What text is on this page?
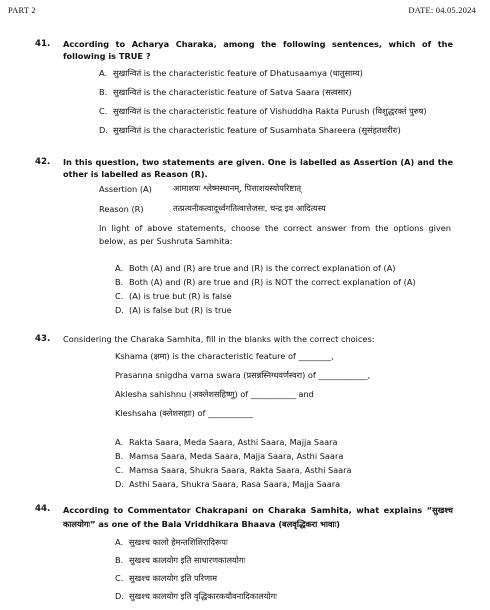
PART 2	DATE: 04.05.2024
41. According to Acharya Charaka, among the following sentences, which of the following is TRUE ?
A. सुखान्वितं is the characteristic feature of Dhatusaamya (धातुसाम्य)
B. सुखान्वितं is the characteristic feature of Satva Saara (सत्वसार)
C. सुखान्वितं is the characteristic feature of Vishuddha Rakta Purush (विशुद्धरक्तं पुरुष)
D. सुखान्वितं is the characteristic feature of Susamhata Shareera (सुसंहतशरीरः)
42. In this question, two statements are given. One is labelled as Assertion (A) and the other is labelled as Reason (R).
Assertion (A)	आमाशयः श्लेष्मस्थानम्, पित्ताशयस्योपरिष्टात्
Reason (R)	तत्प्रत्यनीकत्वादूर्ध्वगतित्वात्तेजसः, चन्द्र इव आदित्यस्य
In light of above statements, choose the correct answer from the options given below, as per Sushruta Samhita:
A. Both (A) and (R) are true and (R) is the correct explanation of (A)
B. Both (A) and (R) are true and (R) is NOT the correct explanation of (A)
C. (A) is true but (R) is false
D. (A) is false but (R) is true
43. Considering the Charaka Samhita, fill in the blanks with the correct choices:
Kshama (क्षमा) is the characteristic feature of ________,
Prasanna snigdha varna swara (प्रसन्नस्निग्धवर्णस्वरा) of ____________,
Aklesha sahishnu (अक्लेशसहिष्णु) of ___________ and
Kleshsaha (क्लेशसहाः) of ___________
A. Rakta Saara, Meda Saara, Asthi Saara, Majja Saara
B. Mamsa Saara, Meda Saara, Majja Saara, Asthi Saara
C. Mamsa Saara, Shukra Saara, Rakta Saara, Asthi Saara
D. Asthi Saara, Shukra Saara, Rasa Saara, Majja Saara
44. According to Commentator Chakrapani on Charaka Samhita, what explains “सुखश्च कालयोगः” as one of the Bala Vriddhikara Bhaava (बलवृद्धिकरा भावाः)
A. सुखश्च कालो हेमन्तशिशिरादिरूपः
B. सुखश्च कालयोग इति साधारणकालयोगः
C. सुखश्च कालयोग इति परिणाम
D. सुखश्च कालयोग इति वृद्धिकारकयौवनादिकालयोगः
